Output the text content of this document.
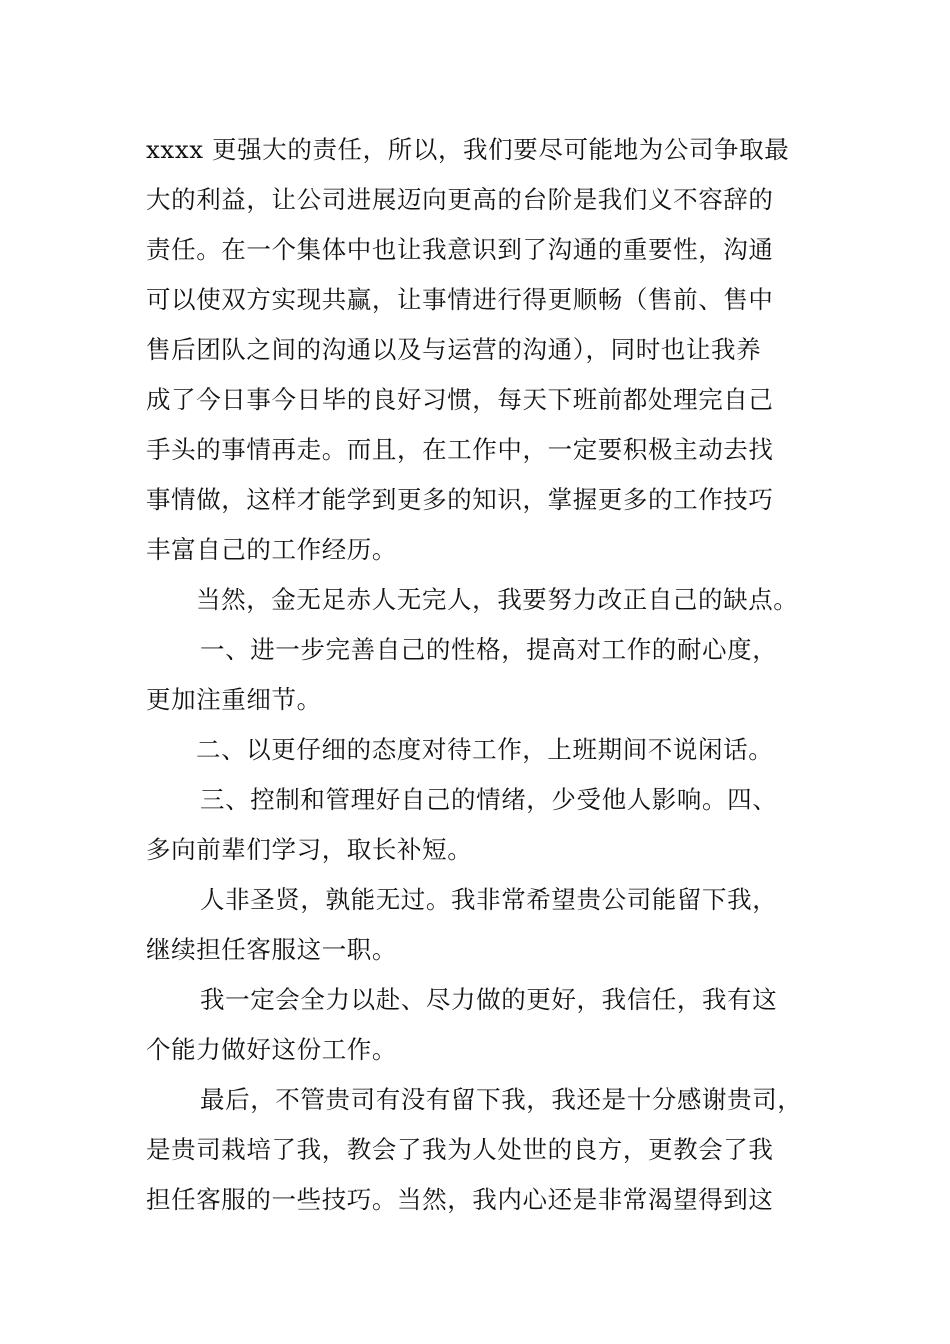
xxxx 更强大的责任，所以，我们要尽可能地为公司争取最
大的利益，让公司进展迈向更高的台阶是我们义不容辞的
责任。在一个集体中也让我意识到了沟通的重要性，沟通
可以使双方实现共赢，让事情进行得更顺畅（售前、售中
售后团队之间的沟通以及与运营的沟通），同时也让我养
成了今日事今日毕的良好习惯，每天下班前都处理完自己
手头的事情再走。而且，在工作中，一定要积极主动去找
事情做，这样才能学到更多的知识，掌握更多的工作技巧
丰富自己的工作经历。
当然，金无足赤人无完人，我要努力改正自己的缺点。
一、进一步完善自己的性格，提高对工作的耐心度，
更加注重细节。
二、以更仔细的态度对待工作，上班期间不说闲话。
三、控制和管理好自己的情绪，少受他人影响。四、
多向前辈们学习，取长补短。
人非圣贤，孰能无过。我非常希望贵公司能留下我，
继续担任客服这一职。
我一定会全力以赴、尽力做的更好，我信任，我有这
个能力做好这份工作。
最后，不管贵司有没有留下我，我还是十分感谢贵司，
是贵司栽培了我，教会了我为人处世的良方，更教会了我
担任客服的一些技巧。当然，我内心还是非常渴望得到这
